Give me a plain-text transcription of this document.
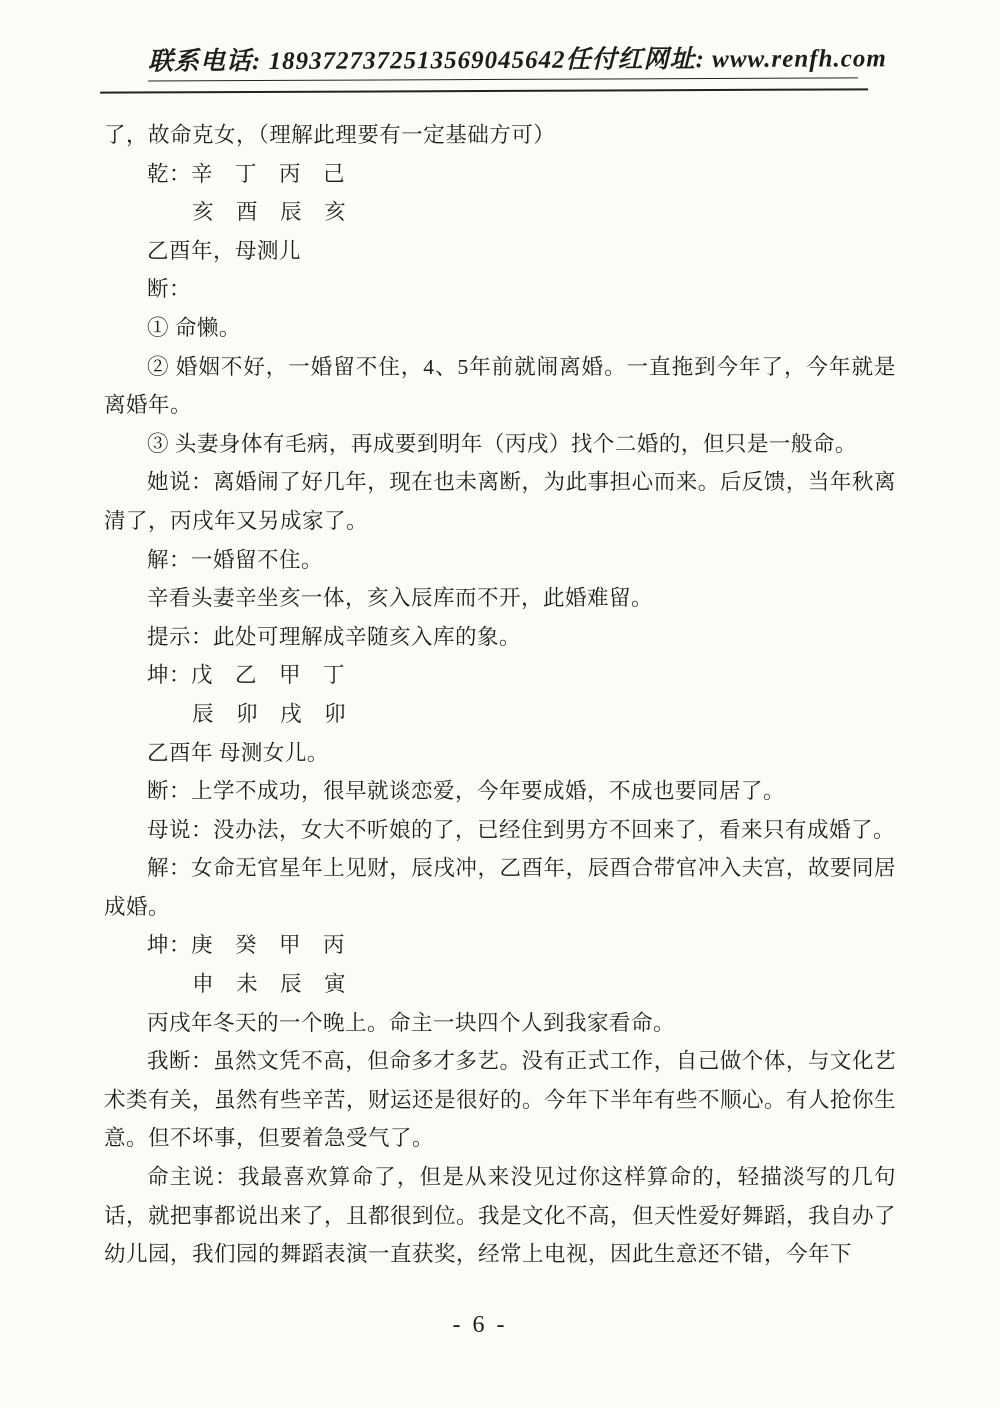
联系电话: 18937273725 13569045642 任付红 网址: www.renfh.com

了，故命克女，（理解此理要有一定基础方可）

乾：辛　丁　丙　己

亥　酉　辰　亥

乙酉年，母测儿

断：

① 命懒。

② 婚姻不好，一婚留不住，4、5年前就闹离婚。一直拖到今年了，今年就是离婚年。

③ 头妻身体有毛病，再成要到明年（丙戌）找个二婚的，但只是一般命。

她说：离婚闹了好几年，现在也未离断，为此事担心而来。后反馈，当年秋离清了，丙戌年又另成家了。

解：一婚留不住。

辛看头妻辛坐亥一体，亥入辰库而不开，此婚难留。

提示：此处可理解成辛随亥入库的象。

坤：戊　乙　甲　丁

辰　卯　戌　卯

乙酉年 母测女儿。

断：上学不成功，很早就谈恋爱，今年要成婚，不成也要同居了。

母说：没办法，女大不听娘的了，已经住到男方不回来了，看来只有成婚了。

解：女命无官星年上见财，辰戌冲，乙酉年，辰酉合带官冲入夫宫，故要同居成婚。

坤：庚　癸　甲　丙

申　未　辰　寅

丙戌年冬天的一个晚上。命主一块四个人到我家看命。

我断：虽然文凭不高，但命多才多艺。没有正式工作，自己做个体，与文化艺术类有关，虽然有些辛苦，财运还是很好的。今年下半年有些不顺心。有人抢你生意。但不坏事，但要着急受气了。

命主说：我最喜欢算命了，但是从来没见过你这样算命的，轻描淡写的几句话，就把事都说出来了，且都很到位。我是文化不高，但天性爱好舞蹈，我自办了幼儿园，我们园的舞蹈表演一直获奖，经常上电视，因此生意还不错，今年下

- 6 -
